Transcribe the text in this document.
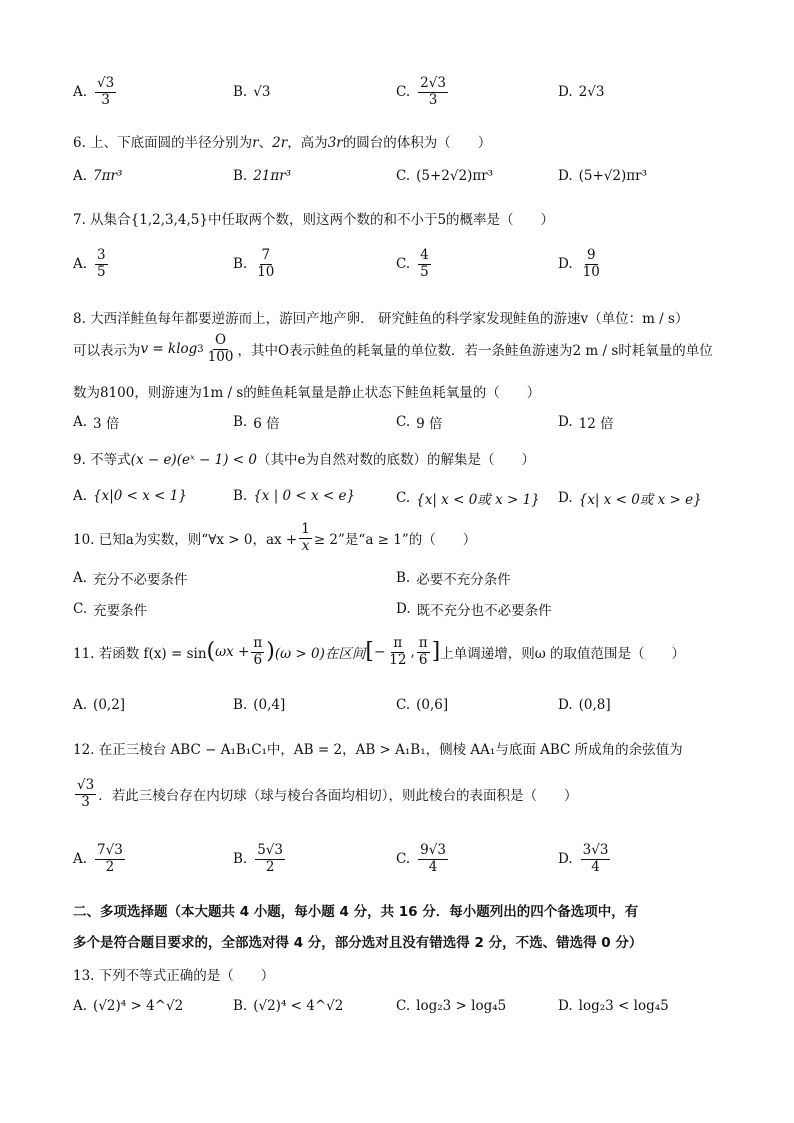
A. $\frac{√3}{3}$	B. √3	C. $\frac{2√3}{3}$	D. 2√3
6. 上、下底面圆的半径分别为r、2r，高为3r的圆台的体积为（　　）
A. 7πr³	B. 21πr³	C. (5+2√2)πr³	D. (5+√2)πr³
7. 从集合{1,2,3,4,5}中任取两个数，则这两个数的和不小于5的概率是（　　）
A. $\frac{3}{5}$	B. $\frac{7}{10}$	C. $\frac{4}{5}$	D. $\frac{9}{10}$
8. 大西洋鲑鱼每年都要逆游而上，游回产地产卵． 研究鲑鱼的科学家发现鲑鱼的游速v（单位：m / s）
可以表示为 v = klog $3 \frac{O}{100}$ ，其中O表示鲑鱼的耗氧量的单位数．若一条鲑鱼游速为2 m / s时耗氧量的单位
数为8100，则游速为1m / s的鲑鱼耗氧量是静止状态下鲑鱼耗氧量的（　　）
A. 3 倍	B. 6 倍	C. 9 倍	D. 12 倍
9. 不等式(x − e)(eˣ − 1) < 0（其中e为自然对数的底数）的解集是（　　）
A. {x|0 < x < 1}	B. {x | 0 < x < e}	C. {x| x < 0或 x > 1} D. {x| x < 0或 x > e}
10. 已知a为实数，则“∀x > 0，ax + $\frac{1}{x} \ge 2$”是“a ≥ 1”的（　　）
A. 充分不必要条件	B. 必要不充分条件
C. 充要条件	D. 既不充分也不必要条件
11. 若函数 f(x) = sin ( $\omega x + \frac{\pi}{6}$ ) (ω > 0)在区间 [ − $\frac{\pi}{12}$ , $\frac{\pi}{6}$ ] 上单调递增，则ω 的取值范围是（　　）
A. (0,2]	B. (0,4]	C. (0,6]	D. (0,8]
12. 在正三棱台 ABC − A₁B₁C₁中，AB = 2，AB > A₁B₁，侧棱 AA₁与底面 ABC 所成角的余弦值为
$\frac{√3}{3}$ ．若此三棱台存在内切球（球与棱台各面均相切），则此棱台的表面积是（　　）
A. $\frac{7√3}{2}$	B. $\frac{5√3}{2}$	C. $\frac{9√3}{4}$	D. $\frac{3√3}{4}$
二、多项选择题（本大题共 4 小题，每小题 4 分，共 16 分．每小题列出的四个备选项中，有
多个是符合题目要求的，全部选对得 4 分，部分选对且没有错选得 2 分，不选、错选得 0 分）
13. 下列不等式正确的是（　　）
A. (√2)⁴ > 4^√2	B. (√2)⁴ < 4^√2	C. log₂3 > log₄5	D. log₂3 < log₄5
